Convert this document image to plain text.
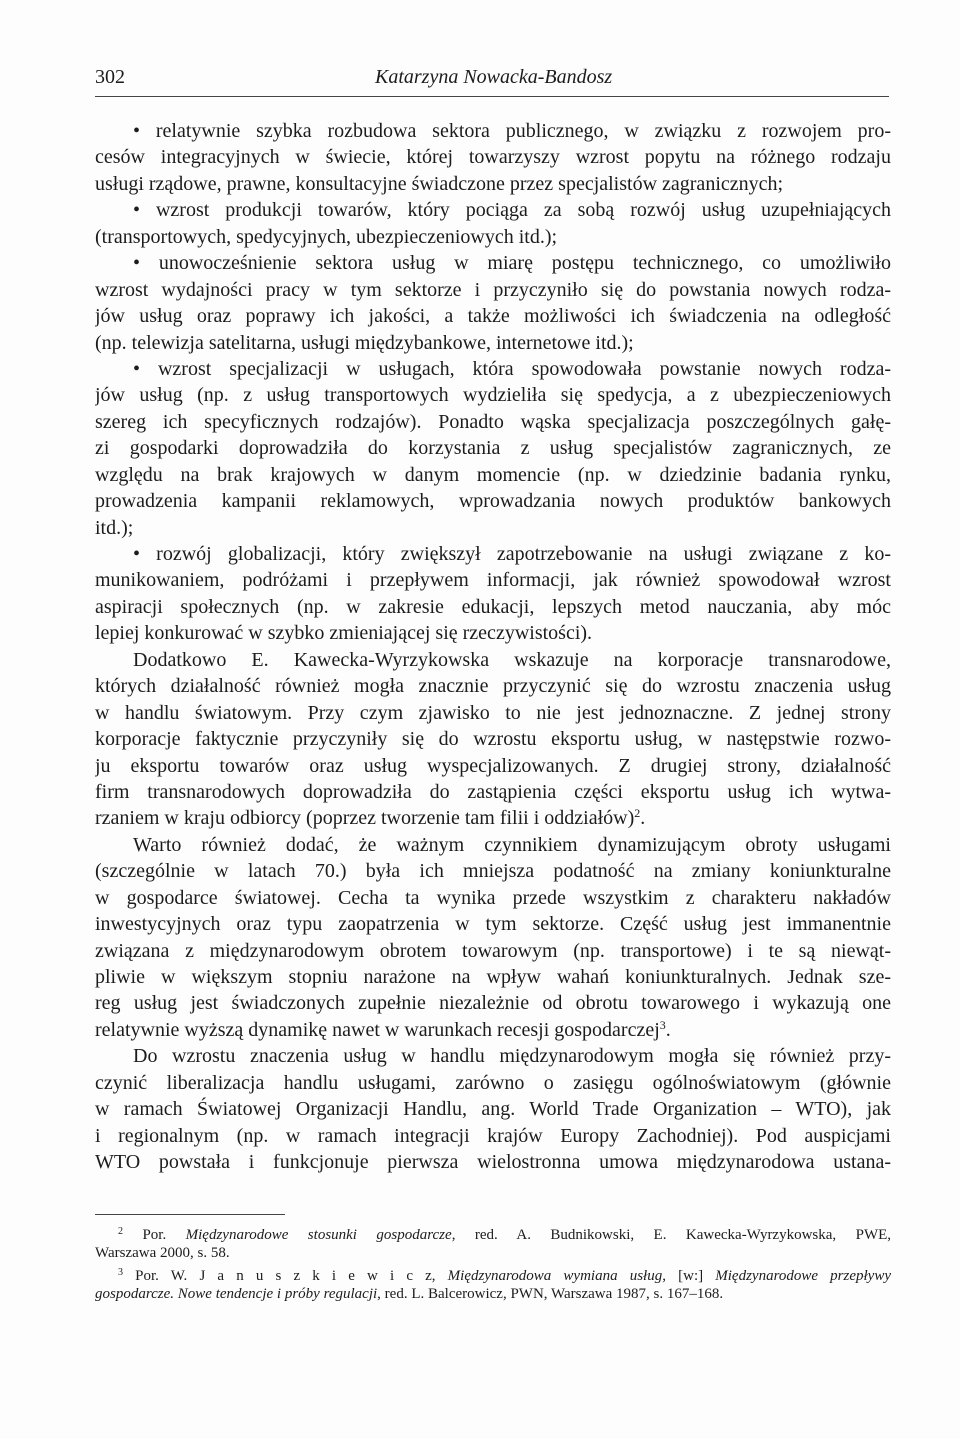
302	Katarzyna Nowacka-Bandosz
• relatywnie szybka rozbudowa sektora publicznego, w związku z rozwojem pro-
cesów integracyjnych w świecie, której towarzyszy wzrost popytu na różnego rodzaju
usługi rządowe, prawne, konsultacyjne świadczone przez specjalistów zagranicznych;
• wzrost produkcji towarów, który pociąga za sobą rozwój usług uzupełniających
(transportowych, spedycyjnych, ubezpieczeniowych itd.);
• unowocześnienie sektora usług w miarę postępu technicznego, co umożliwiło
wzrost wydajności pracy w tym sektorze i przyczyniło się do powstania nowych rodza-
jów usług oraz poprawy ich jakości, a także możliwości ich świadczenia na odległość
(np. telewizja satelitarna, usługi międzybankowe, internetowe itd.);
• wzrost specjalizacji w usługach, która spowodowała powstanie nowych rodza-
jów usług (np. z usług transportowych wydzieliła się spedycja, a z ubezpieczeniowych
szereg ich specyficznych rodzajów). Ponadto wąska specjalizacja poszczególnych gałę-
zi gospodarki doprowadziła do korzystania z usług specjalistów zagranicznych, ze
względu na brak krajowych w danym momencie (np. w dziedzinie badania rynku,
prowadzenia kampanii reklamowych, wprowadzania nowych produktów bankowych
itd.);
• rozwój globalizacji, który zwiększył zapotrzebowanie na usługi związane z ko-
munikowaniem, podróżami i przepływem informacji, jak również spowodował wzrost
aspiracji społecznych (np. w zakresie edukacji, lepszych metod nauczania, aby móc
lepiej konkurować w szybko zmieniającej się rzeczywistości).
Dodatkowo E. Kawecka-Wyrzykowska wskazuje na korporacje transnarodowe,
których działalność również mogła znacznie przyczynić się do wzrostu znaczenia usług
w handlu światowym. Przy czym zjawisko to nie jest jednoznaczne. Z jednej strony
korporacje faktycznie przyczyniły się do wzrostu eksportu usług, w następstwie rozwo-
ju eksportu towarów oraz usług wyspecjalizowanych. Z drugiej strony, działalność
firm transnarodowych doprowadziła do zastąpienia części eksportu usług ich wytwa-
rzaniem w kraju odbiorcy (poprzez tworzenie tam filii i oddziałów)$^2$.
Warto również dodać, że ważnym czynnikiem dynamizującym obroty usługami
(szczególnie w latach 70.) była ich mniejsza podatność na zmiany koniunkturalne
w gospodarce światowej. Cecha ta wynika przede wszystkim z charakteru nakładów
inwestycyjnych oraz typu zaopatrzenia w tym sektorze. Część usług jest immanentnie
związana z międzynarodowym obrotem towarowym (np. transportowe) i te są niewąt-
pliwie w większym stopniu narażone na wpływ wahań koniunkturalnych. Jednak sze-
reg usług jest świadczonych zupełnie niezależnie od obrotu towarowego i wykazują one
relatywnie wyższą dynamikę nawet w warunkach recesji gospodarczej$^3$.
Do wzrostu znaczenia usług w handlu międzynarodowym mogła się również przy-
czynić liberalizacja handlu usługami, zarówno o zasięgu ogólnoświatowym (głównie
w ramach Światowej Organizacji Handlu, ang. World Trade Organization – WTO), jak
i regionalnym (np. w ramach integracji krajów Europy Zachodniej). Pod auspicjami
WTO powstała i funkcjonuje pierwsza wielostronna umowa międzynarodowa ustana-
$^2$ Por. Międzynarodowe stosunki gospodarcze, red. A. Budnikowski, E. Kawecka-Wyrzykowska, PWE,
Warszawa 2000, s. 58.
$^3$ Por. W. J a n u s z k i e w i c z, Międzynarodowa wymiana usług, [w:] Międzynarodowe przepływy
gospodarcze. Nowe tendencje i próby regulacji, red. L. Balcerowicz, PWN, Warszawa 1987, s. 167–168.
